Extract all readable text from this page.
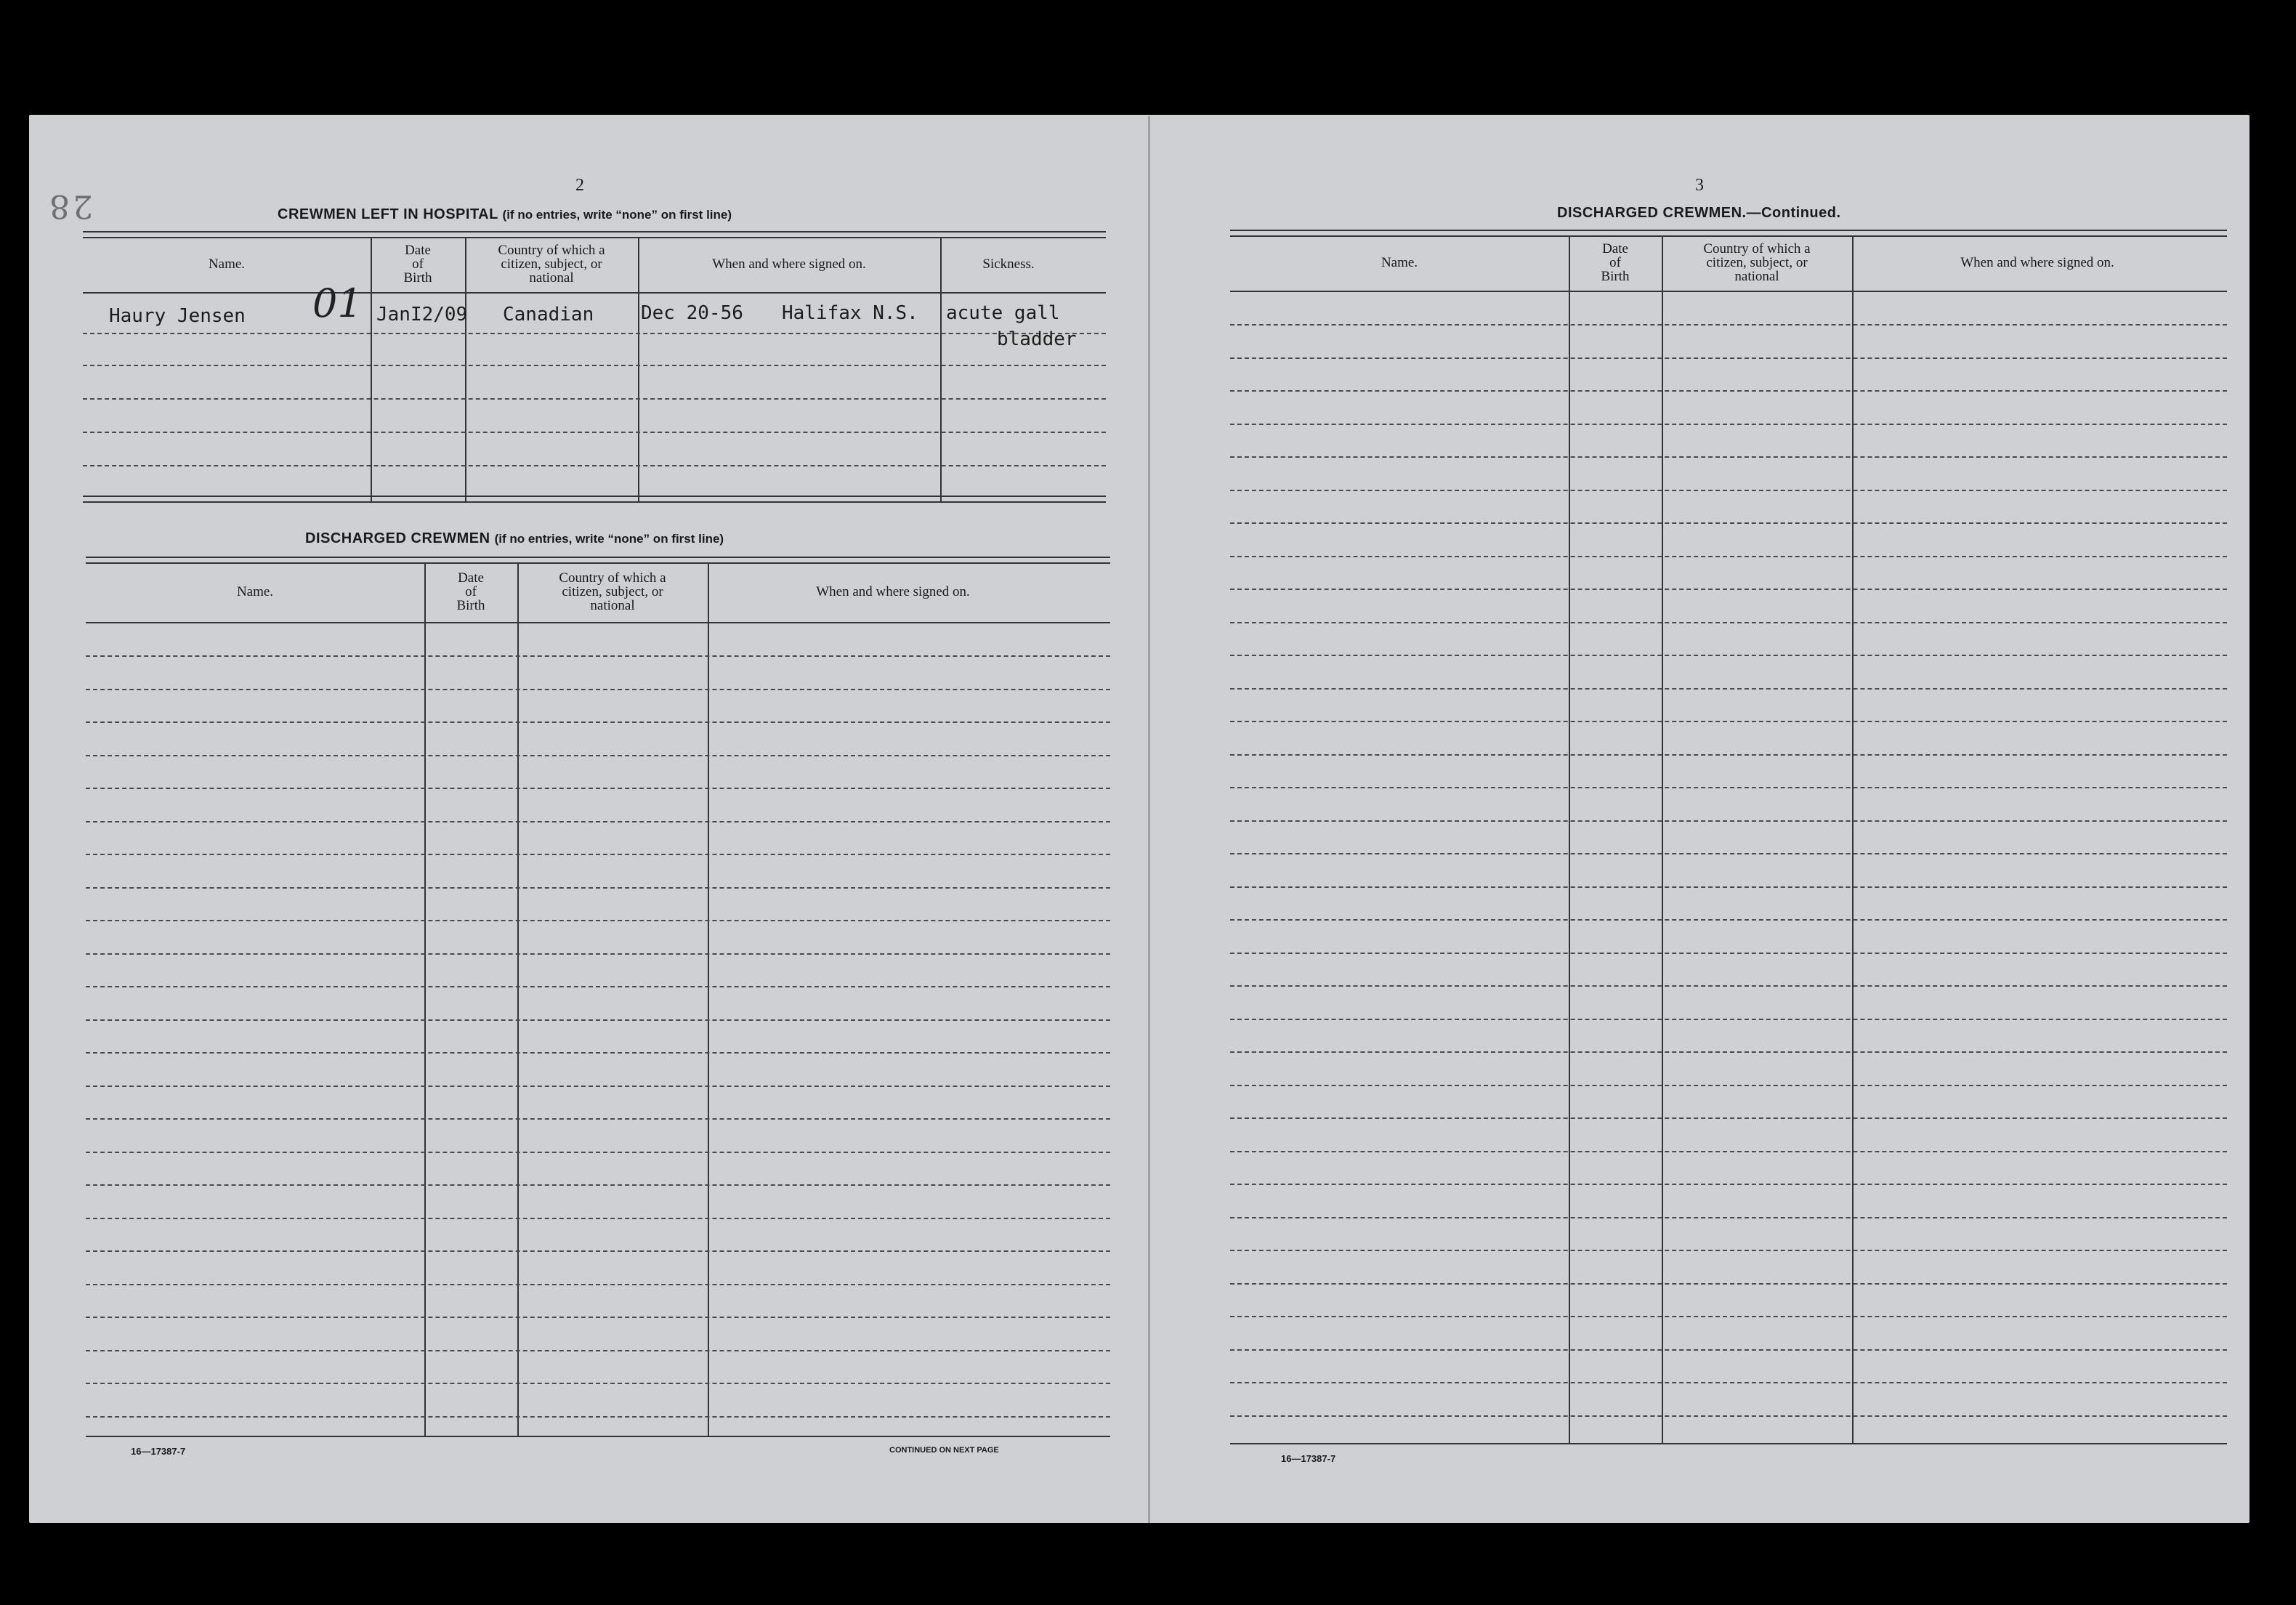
28
2
CREWMEN LEFT IN HOSPITAL (if no entries, write “none” on first line)
Name.
Date
of
Birth
Country of which a
citizen, subject, or
national
When and where signed on.	Sickness.
Haury Jensen 01 JanI2/09 Canadian Dec 20-56 Halifax N.S. acute gall
bladder
DISCHARGED CREWMEN (if no entries, write “none” on first line)
Name.
Date
of
Birth
Country of which a
citizen, subject, or
national
When and where signed on.
16—17387-7	CONTINUED ON NEXT PAGE
3
DISCHARGED CREWMEN.—Continued.
Name.
Date
of
Birth
Country of which a
citizen, subject, or
national
When and where signed on.
16—17387-7
